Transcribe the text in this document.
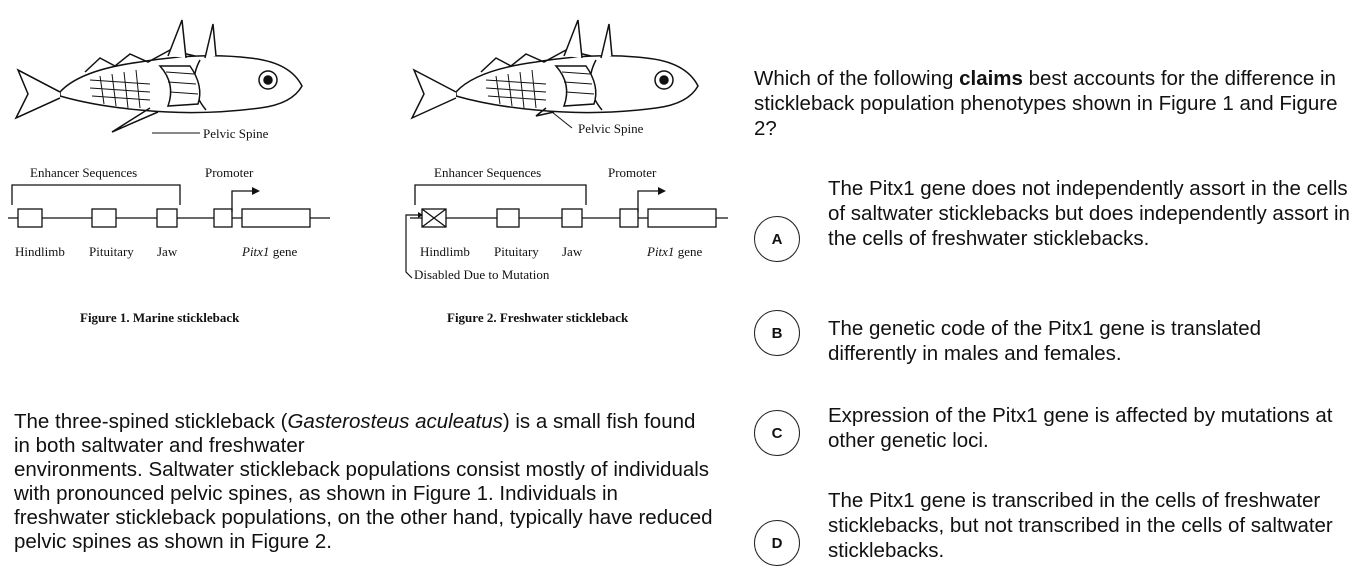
Pelvic Spine
Enhancer Sequences	Promoter
Hindlimb Pituitary Jaw	Pitx1 gene
Figure 1. Marine stickleback
Pelvic Spine
Enhancer Sequences	Promoter
Hindlimb Pituitary Jaw	Pitx1 gene
Disabled Due to Mutation
Figure 2. Freshwater stickleback

The three-spined stickleback (Gasterosteus aculeatus) is a small fish found in both saltwater and freshwater

environments. Saltwater stickleback populations consist mostly of individuals with pronounced pelvic spines, as shown in Figure 1. Individuals in freshwater stickleback populations, on the other hand, typically have reduced pelvic spines as shown in Figure 2.

Which of the following claims best accounts for the difference in stickleback population phenotypes shown in Figure 1 and Figure 2?
A
The Pitx1 gene does not independently assort in the cells of saltwater sticklebacks but does independently assort in the cells of freshwater sticklebacks.
B	The genetic code of the Pitx1 gene is translated differently in males and females.
C
Expression of the Pitx1 gene is affected by mutations at other genetic loci.
D
The Pitx1 gene is transcribed in the cells of freshwater sticklebacks, but not transcribed in the cells of saltwater sticklebacks.
